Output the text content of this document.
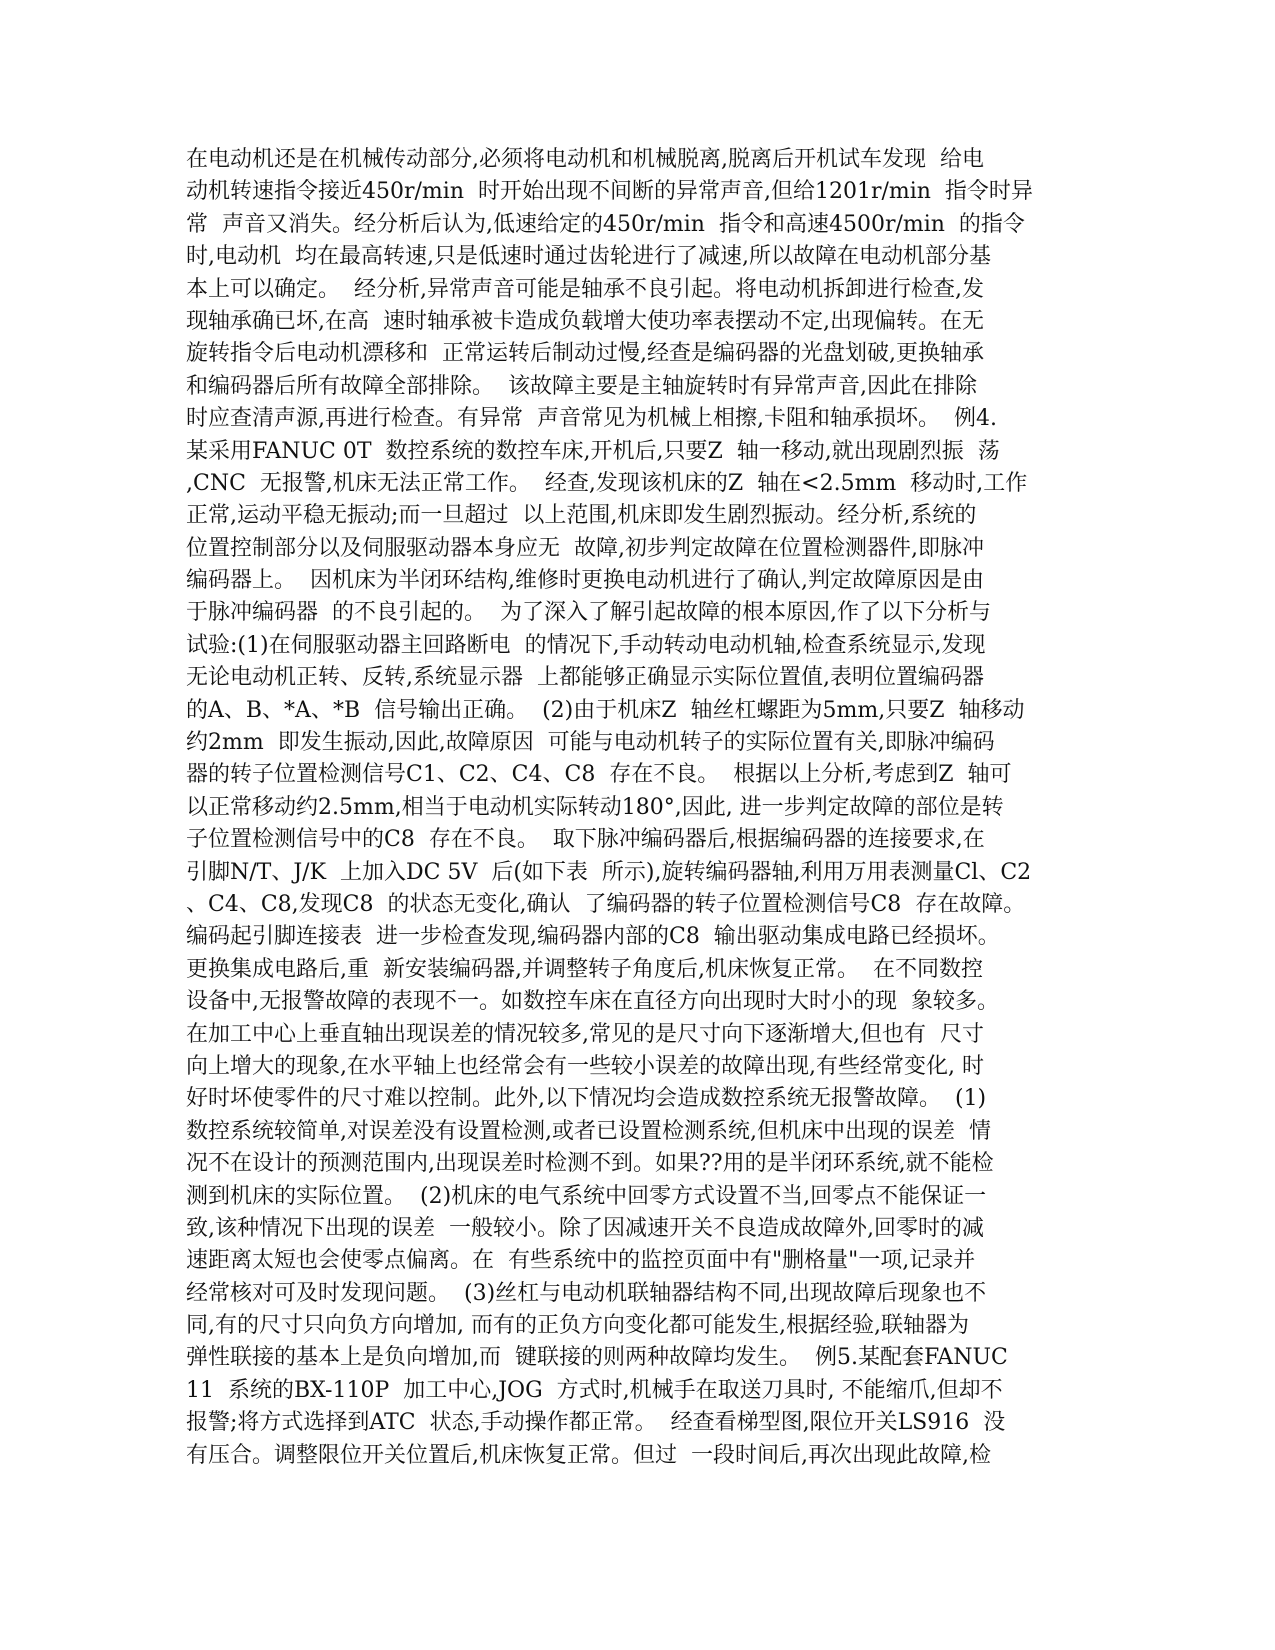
在电动机还是在机械传动部分,必须将电动机和机械脱离,脱离后开机试车发现  给电
动机转速指令接近450r/min  时开始出现不间断的异常声音,但给1201r/min  指令时异
常  声音又消失。经分析后认为,低速给定的450r/min  指令和高速4500r/min  的指令
时,电动机  均在最高转速,只是低速时通过齿轮进行了减速,所以故障在电动机部分基
本上可以确定。  经分析,异常声音可能是轴承不良引起。将电动机拆卸进行检查,发
现轴承确已坏,在高  速时轴承被卡造成负载增大使功率表摆动不定,出现偏转。在无
旋转指令后电动机漂移和  正常运转后制动过慢,经查是编码器的光盘划破,更换轴承
和编码器后所有故障全部排除。  该故障主要是主轴旋转时有异常声音,因此在排除
时应查清声源,再进行检查。有异常  声音常见为机械上相擦,卡阻和轴承损坏。  例4.
某采用FANUC 0T  数控系统的数控车床,开机后,只要Z  轴一移动,就出现剧烈振  荡
,CNC  无报警,机床无法正常工作。  经查,发现该机床的Z  轴在<2.5mm  移动时,工作
正常,运动平稳无振动;而一旦超过  以上范围,机床即发生剧烈振动。经分析,系统的
位置控制部分以及伺服驱动器本身应无  故障,初步判定故障在位置检测器件,即脉冲
编码器上。  因机床为半闭环结构,维修时更换电动机进行了确认,判定故障原因是由
于脉冲编码器  的不良引起的。  为了深入了解引起故障的根本原因,作了以下分析与
试验:(1)在伺服驱动器主回路断电  的情况下,手动转动电动机轴,检查系统显示,发现
无论电动机正转、反转,系统显示器  上都能够正确显示实际位置值,表明位置编码器
的A、B、*A、*B  信号输出正确。  (2)由于机床Z  轴丝杠螺距为5mm,只要Z  轴移动
约2mm  即发生振动,因此,故障原因  可能与电动机转子的实际位置有关,即脉冲编码
器的转子位置检测信号C1、C2、C4、C8  存在不良。  根据以上分析,考虑到Z  轴可
以正常移动约2.5mm,相当于电动机实际转动180°,因此, 进一步判定故障的部位是转
子位置检测信号中的C8  存在不良。  取下脉冲编码器后,根据编码器的连接要求,在
引脚N/T、J/K  上加入DC 5V  后(如下表  所示),旋转编码器轴,利用万用表测量Cl、C2
、C4、C8,发现C8  的状态无变化,确认  了编码器的转子位置检测信号C8  存在故障。
编码起引脚连接表  进一步检查发现,编码器内部的C8  输出驱动集成电路已经损坏。
更换集成电路后,重  新安装编码器,并调整转子角度后,机床恢复正常。  在不同数控
设备中,无报警故障的表现不一。如数控车床在直径方向出现时大时小的现  象较多。
在加工中心上垂直轴出现误差的情况较多,常见的是尺寸向下逐渐增大,但也有  尺寸
向上增大的现象,在水平轴上也经常会有一些较小误差的故障出现,有些经常变化, 时
好时坏使零件的尺寸难以控制。此外,以下情况均会造成数控系统无报警故障。  (1)
数控系统较简单,对误差没有设置检测,或者已设置检测系统,但机床中出现的误差  情
况不在设计的预测范围内,出现误差时检测不到。如果??用的是半闭环系统,就不能检
测到机床的实际位置。  (2)机床的电气系统中回零方式设置不当,回零点不能保证一
致,该种情况下出现的误差  一般较小。除了因减速开关不良造成故障外,回零时的减
速距离太短也会使零点偏离。在  有些系统中的监控页面中有"删格量"一项,记录并
经常核对可及时发现问题。  (3)丝杠与电动机联轴器结构不同,出现故障后现象也不
同,有的尺寸只向负方向增加, 而有的正负方向变化都可能发生,根据经验,联轴器为
弹性联接的基本上是负向增加,而  键联接的则两种故障均发生。  例5.某配套FANUC
11  系统的BX-110P  加工中心,JOG  方式时,机械手在取送刀具时, 不能缩爪,但却不
报警;将方式选择到ATC  状态,手动操作都正常。  经查看梯型图,限位开关LS916  没
有压合。调整限位开关位置后,机床恢复正常。但过  一段时间后,再次出现此故障,检
